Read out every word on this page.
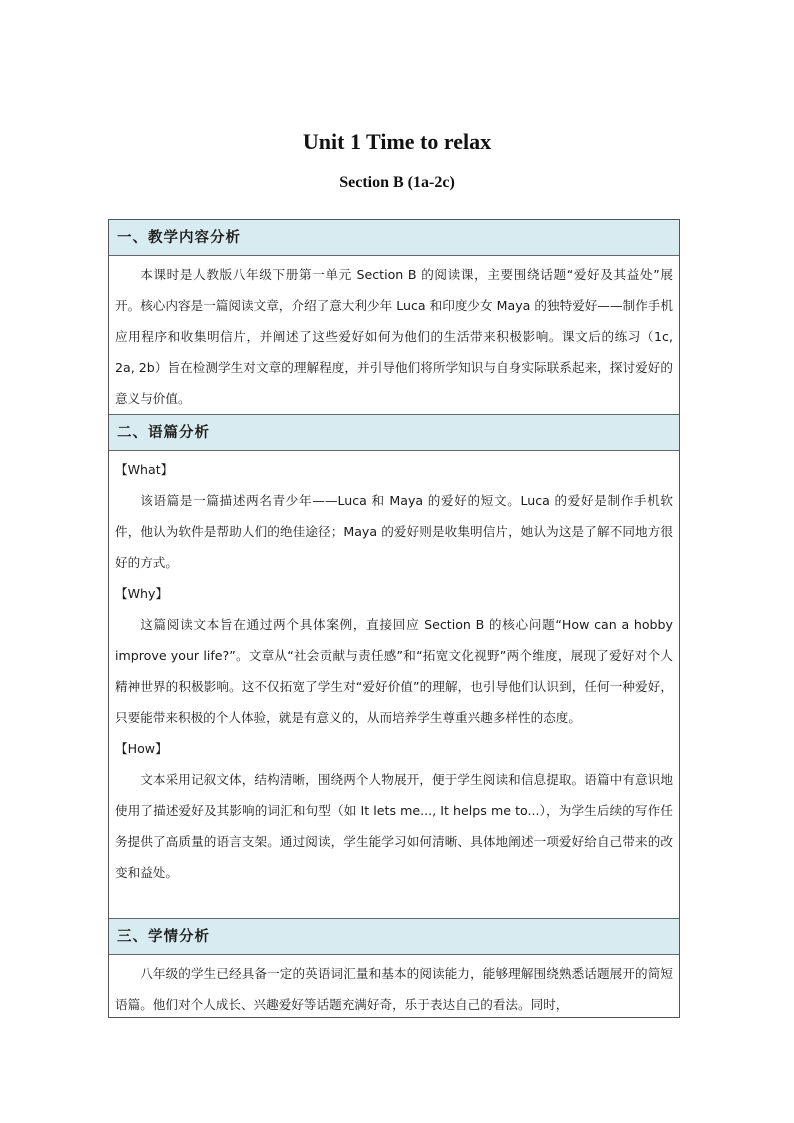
Unit 1 Time to relax
Section B (1a-2c)
一、教学内容分析

本课时是人教版八年级下册第一单元 Section B 的阅读课，主要围绕话题“爱好及其益处”展开。核心内容是一篇阅读文章，介绍了意大利少年 Luca 和印度少女 Maya 的独特爱好——制作手机应用程序和收集明信片，并阐述了这些爱好如何为他们的生活带来积极影响。课文后的练习（1c, 2a, 2b）旨在检测学生对文章的理解程度，并引导他们将所学知识与自身实际联系起来，探讨爱好的意义与价值。

二、语篇分析

【What】

该语篇是一篇描述两名青少年——Luca 和 Maya 的爱好的短文。Luca 的爱好是制作手机软件，他认为软件是帮助人们的绝佳途径；Maya 的爱好则是收集明信片，她认为这是了解不同地方很好的方式。

【Why】

这篇阅读文本旨在通过两个具体案例，直接回应 Section B 的核心问题“How can a hobby improve your life?”。文章从“社会贡献与责任感”和“拓宽文化视野”两个维度，展现了爱好对个人精神世界的积极影响。这不仅拓宽了学生对“爱好价值”的理解，也引导他们认识到，任何一种爱好，只要能带来积极的个人体验，就是有意义的，从而培养学生尊重兴趣多样性的态度。

【How】

文本采用记叙文体，结构清晰，围绕两个人物展开，便于学生阅读和信息提取。语篇中有意识地使用了描述爱好及其影响的词汇和句型（如 It lets me..., It helps me to...），为学生后续的写作任务提供了高质量的语言支架。通过阅读，学生能学习如何清晰、具体地阐述一项爱好给自己带来的改变和益处。

三、学情分析

八年级的学生已经具备一定的英语词汇量和基本的阅读能力，能够理解围绕熟悉话题展开的简短语篇。他们对个人成长、兴趣爱好等话题充满好奇，乐于表达自己的看法。同时，
